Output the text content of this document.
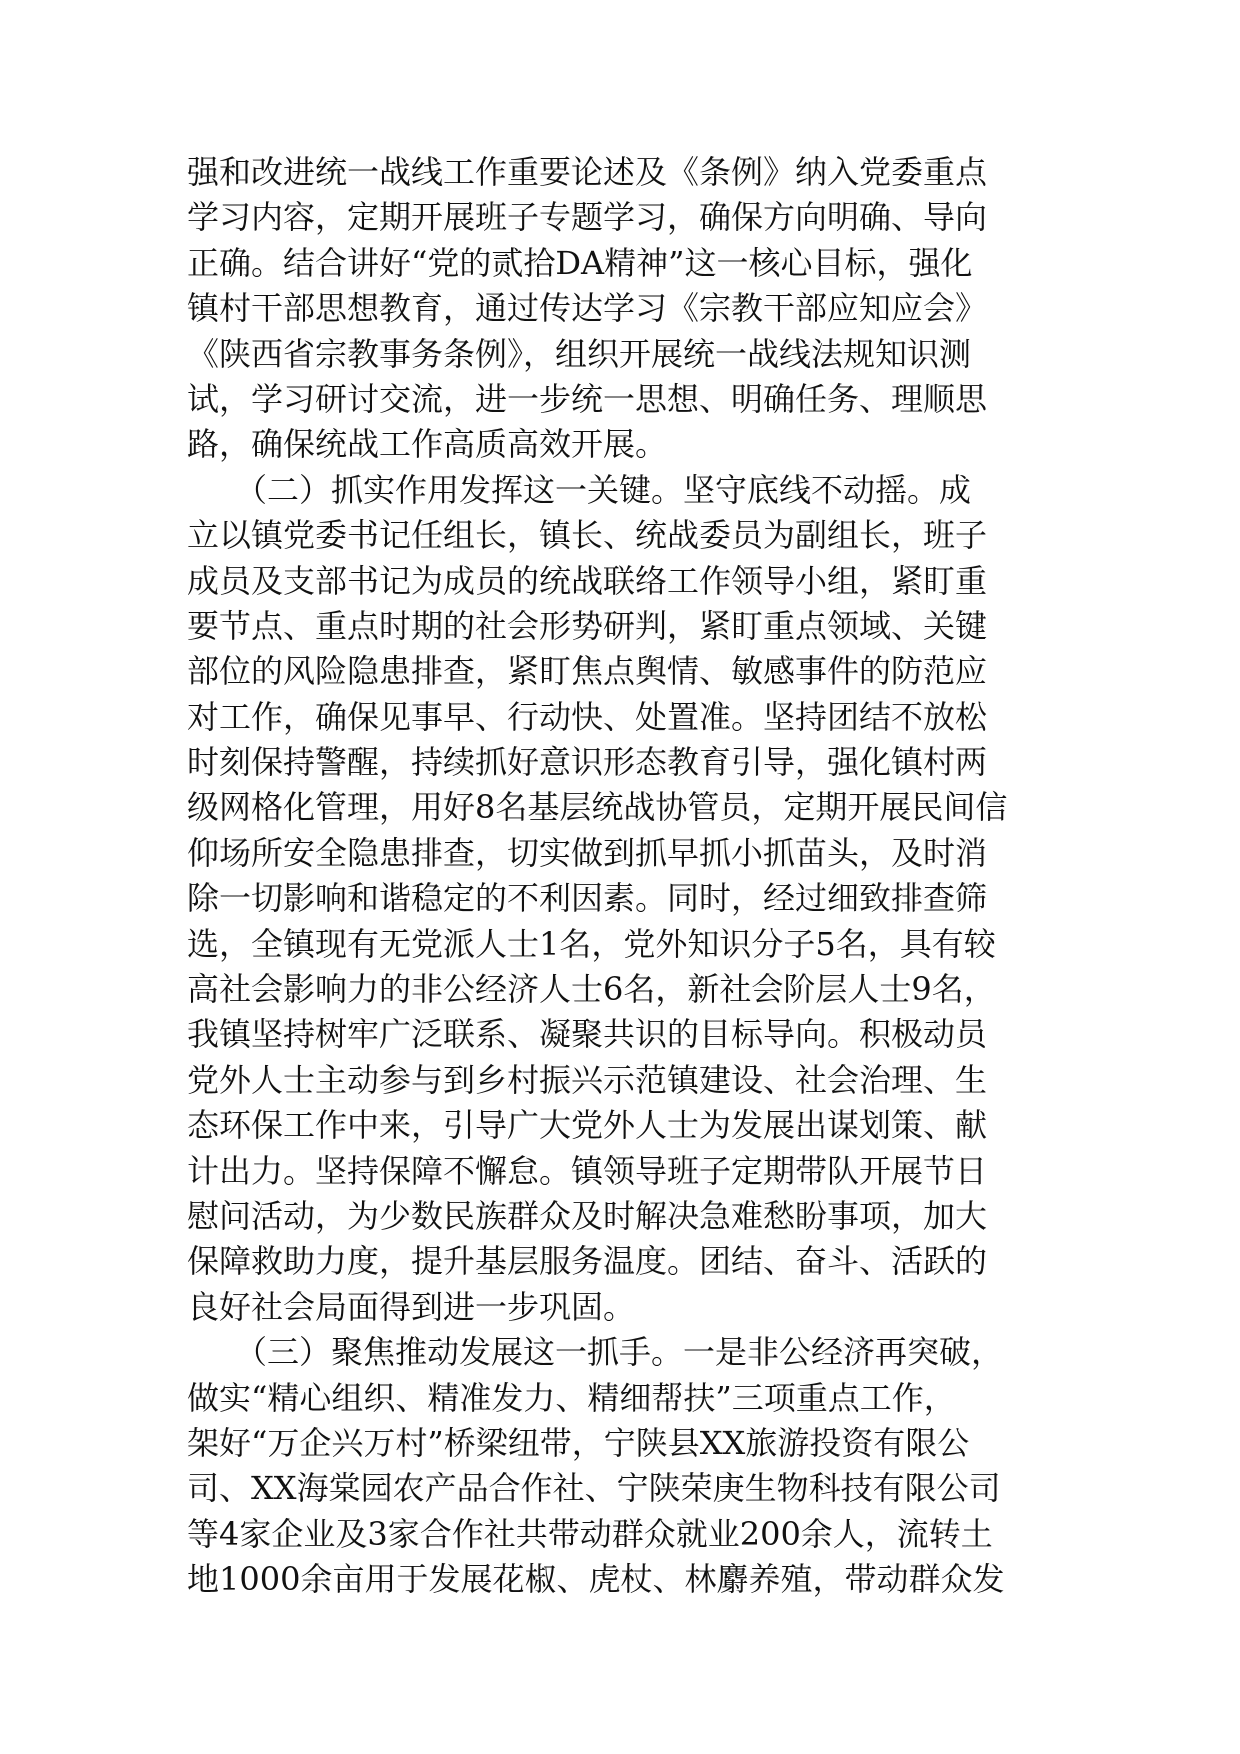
强和改进统一战线工作重要论述及《条例》纳入党委重点
学习内容，定期开展班子专题学习，确保方向明确、导向
正确。结合讲好“党的贰拾DA精神”这一核心目标，强化
镇村干部思想教育，通过传达学习《宗教干部应知应会》
《陕西省宗教事务条例》，组织开展统一战线法规知识测
试，学习研讨交流，进一步统一思想、明确任务、理顺思
路，确保统战工作高质高效开展。
　　（二）抓实作用发挥这一关键。坚守底线不动摇。成
立以镇党委书记任组长，镇长、统战委员为副组长，班子
成员及支部书记为成员的统战联络工作领导小组，紧盯重
要节点、重点时期的社会形势研判，紧盯重点领域、关键
部位的风险隐患排查，紧盯焦点舆情、敏感事件的防范应
对工作，确保见事早、行动快、处置准。坚持团结不放松
时刻保持警醒，持续抓好意识形态教育引导，强化镇村两
级网格化管理，用好8名基层统战协管员，定期开展民间信
仰场所安全隐患排查，切实做到抓早抓小抓苗头，及时消
除一切影响和谐稳定的不利因素。同时，经过细致排查筛
选，全镇现有无党派人士1名，党外知识分子5名，具有较
高社会影响力的非公经济人士6名，新社会阶层人士9名，
我镇坚持树牢广泛联系、凝聚共识的目标导向。积极动员
党外人士主动参与到乡村振兴示范镇建设、社会治理、生
态环保工作中来，引导广大党外人士为发展出谋划策、献
计出力。坚持保障不懈怠。镇领导班子定期带队开展节日
慰问活动，为少数民族群众及时解决急难愁盼事项，加大
保障救助力度，提升基层服务温度。团结、奋斗、活跃的
良好社会局面得到进一步巩固。
　　（三）聚焦推动发展这一抓手。一是非公经济再突破，
做实“精心组织、精准发力、精细帮扶”三项重点工作，
架好“万企兴万村”桥梁纽带，宁陕县XX旅游投资有限公
司、XX海棠园农产品合作社、宁陕荣庚生物科技有限公司
等4家企业及3家合作社共带动群众就业200余人，流转土
地1000余亩用于发展花椒、虎杖、林麝养殖，带动群众发
